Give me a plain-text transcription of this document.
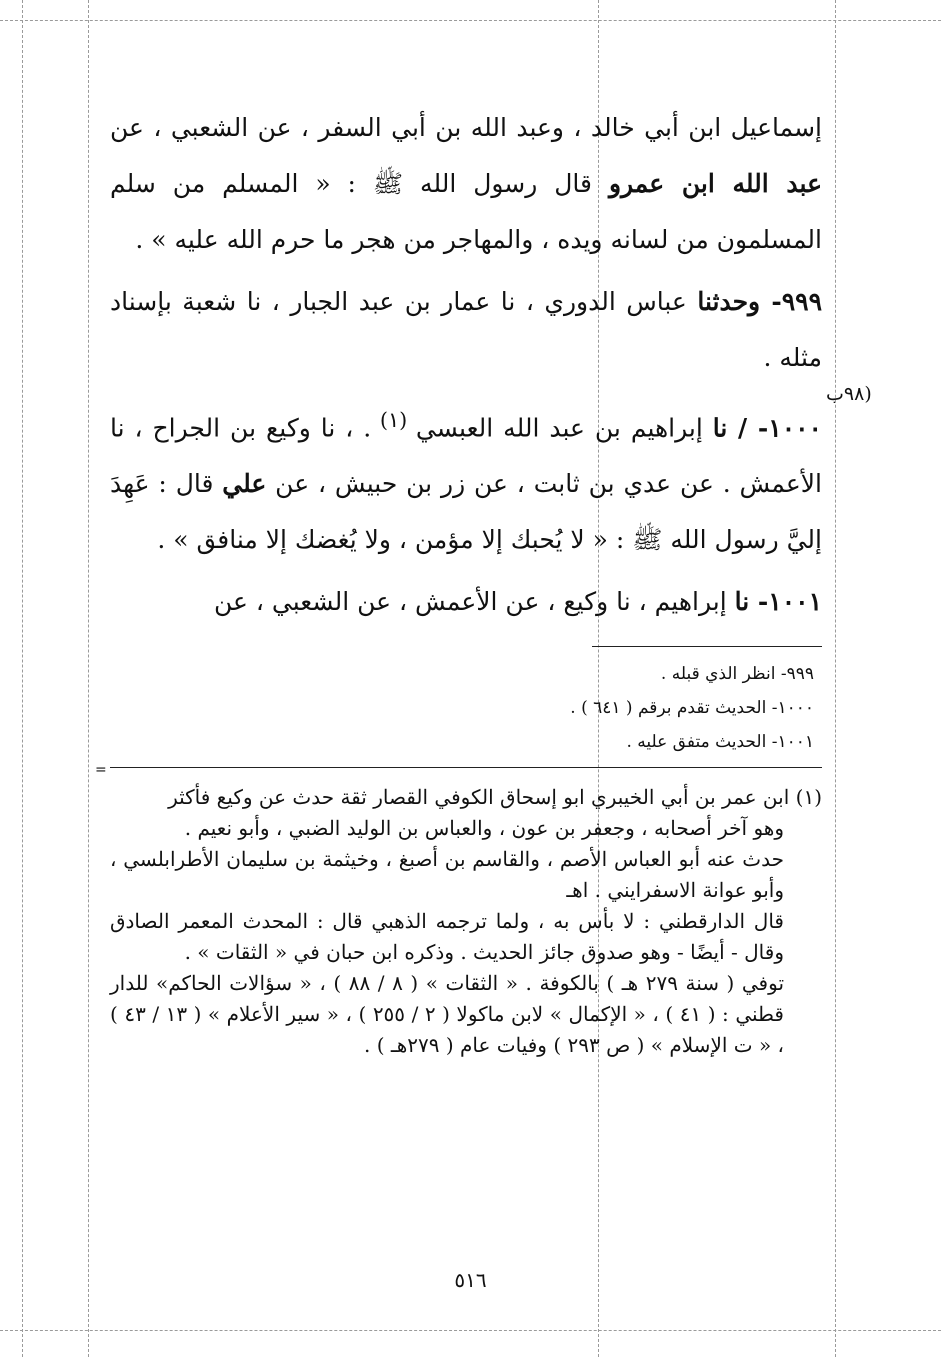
(٩٨ب
=

إسماعيل ابن أبي خالد ، وعبد الله بن أبي السفر ، عن الشعبي ، عن عبد الله ابن عمرو قال رسول الله ﷺ : « المسلم من سلم المسلمون من لسانه ويده ، والمهاجر من هجر ما حرم الله عليه » .

٩٩٩- وحدثنا عباس الدوري ، نا عمار بن عبد الجبار ، نا شعبة بإسناد مثله .

١٠٠٠- / نا إبراهيم بن عبد الله العبسي $^{(١)}$ . ، نا وكيع بن الجراح ، نا الأعمش . عن عدي بن ثابت ، عن زر بن حبيش ، عن علي قال : عَهِدَ إليَّ رسول الله ﷺ : « لا يُحبك إلا مؤمن ، ولا يُغضك إلا منافق » .

١٠٠١- نا إبراهيم ، نا وكيع ، عن الأعمش ، عن الشعبي ، عن

٩٩٩- انظر الذي قبله .
١٠٠٠- الحديث تقدم برقم ( ٦٤١ ) .
١٠٠١- الحديث متفق عليه .
(١) ابن عمر بن أبي الخيبري ابو إسحاق الكوفي القصار ثقة حدث عن وكيع فأكثر
وهو آخر أصحابه ، وجعفر بن عون ، والعباس بن الوليد الضبي ، وأبو نعيم .
حدث عنه أبو العباس الأصم ، والقاسم بن أصبغ ، وخيثمة بن سليمان الأطرابلسي ، وأبو عوانة الاسفرايني . اهـ
قال الدارقطني : لا بأس به ، ولما ترجمه الذهبي قال : المحدث المعمر الصادق وقال - أيضًا - وهو صدوق جائز الحديث . وذكره ابن حبان في « الثقات » .
توفي ( سنة ٢٧٩ هـ ) بالكوفة . « الثقات » ( ٨ / ٨٨ ) ، « سؤالات الحاكم» للدار قطني : ( ٤١ ) ، « الإكمال » لابن ماكولا ( ٢ / ٢٥٥ ) ، « سير الأعلام » ( ١٣ / ٤٣ ) ، « ت الإسلام » ( ص ٢٩٣ ) وفيات عام ( ٢٧٩هـ ) .
٥١٦
